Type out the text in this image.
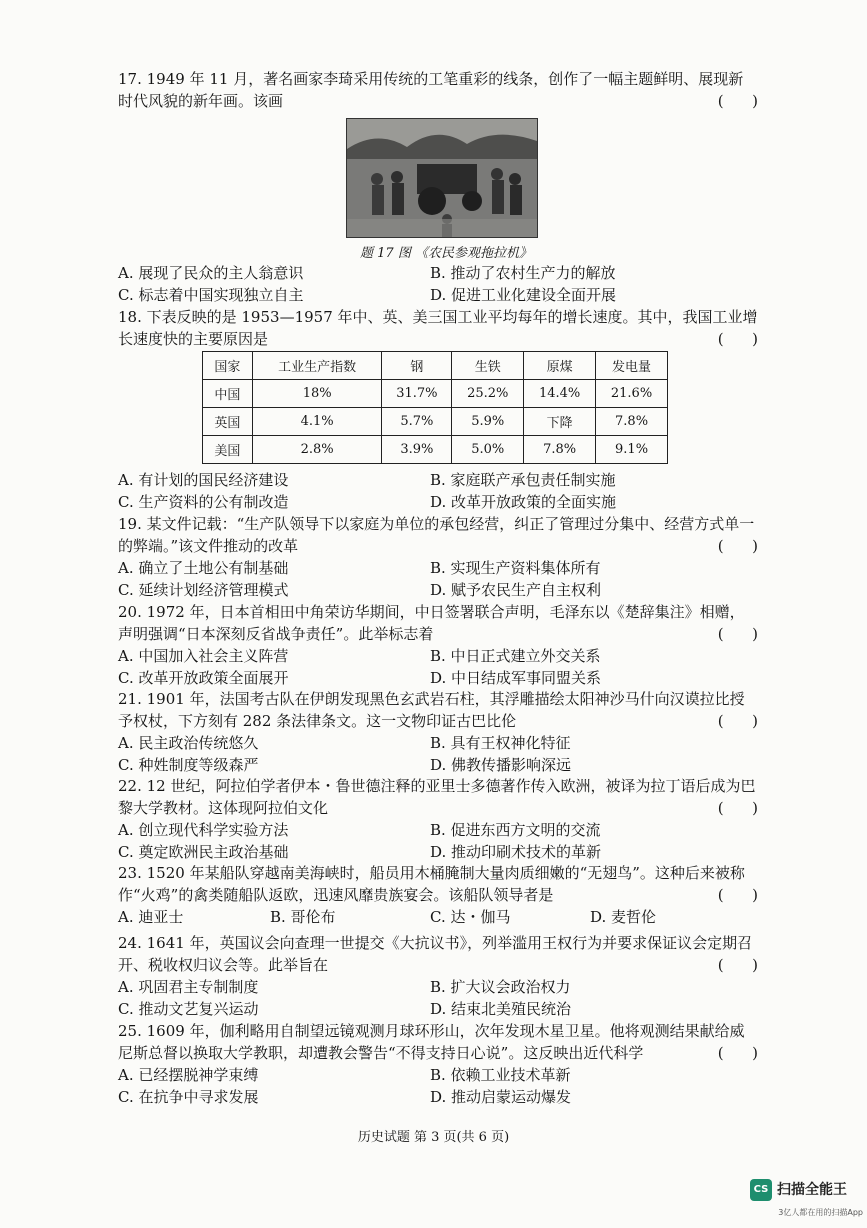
17. 1949 年 11 月，著名画家李琦采用传统的工笔重彩的线条，创作了一幅主题鲜明、展现新时代风貌的新年画。该画	(      )
题 17 图 《农民参观拖拉机》
A. 展现了民众的主人翁意识	B. 推动了农村生产力的解放
C. 标志着中国实现独立自主	D. 促进工业化建设全面开展
18. 下表反映的是 1953—1957 年中、英、美三国工业平均每年的增长速度。其中，我国工业增长速度快的主要原因是	(      )
国家	工业生产指数	钢	生铁	原煤	发电量
中国	18%	31.7%	25.2%	14.4%	21.6%
英国	4.1%	5.7%	5.9%	下降	7.8%
美国	2.8%	3.9%	5.0%	7.8%	9.1%
A. 有计划的国民经济建设	B. 家庭联产承包责任制实施
C. 生产资料的公有制改造	D. 改革开放政策的全面实施
19. 某文件记载：“生产队领导下以家庭为单位的承包经营，纠正了管理过分集中、经营方式单一的弊端。”该文件推动的改革	(      )
A. 确立了土地公有制基础	B. 实现生产资料集体所有
C. 延续计划经济管理模式	D. 赋予农民生产自主权利
20. 1972 年，日本首相田中角荣访华期间，中日签署联合声明，毛泽东以《楚辞集注》相赠，声明强调“日本深刻反省战争责任”。此举标志着	(      )
A. 中国加入社会主义阵营	B. 中日正式建立外交关系
C. 改革开放政策全面展开	D. 中日结成军事同盟关系
21. 1901 年，法国考古队在伊朗发现黑色玄武岩石柱，其浮雕描绘太阳神沙马什向汉谟拉比授予权杖，下方刻有 282 条法律条文。这一文物印证古巴比伦	(      )
A. 民主政治传统悠久	B. 具有王权神化特征
C. 种姓制度等级森严	D. 佛教传播影响深远
22. 12 世纪，阿拉伯学者伊本・鲁世德注释的亚里士多德著作传入欧洲，被译为拉丁语后成为巴黎大学教材。这体现阿拉伯文化	(      )
A. 创立现代科学实验方法	B. 促进东西方文明的交流
C. 奠定欧洲民主政治基础	D. 推动印刷术技术的革新
23. 1520 年某船队穿越南美海峡时，船员用木桶腌制大量肉质细嫩的“无翅鸟”。这种后来被称作“火鸡”的禽类随船队返欧，迅速风靡贵族宴会。该船队领导者是	(      )
A. 迪亚士	B. 哥伦布	C. 达・伽马	D. 麦哲伦
24. 1641 年，英国议会向查理一世提交《大抗议书》，列举滥用王权行为并要求保证议会定期召开、税收权归议会等。此举旨在	(      )
A. 巩固君主专制制度	B. 扩大议会政治权力
C. 推动文艺复兴运动	D. 结束北美殖民统治
25. 1609 年，伽利略用自制望远镜观测月球环形山，次年发现木星卫星。他将观测结果献给威尼斯总督以换取大学教职，却遭教会警告“不得支持日心说”。这反映出近代科学	(      )
A. 已经摆脱神学束缚	B. 依赖工业技术革新
C. 在抗争中寻求发展	D. 推动启蒙运动爆发
历史试题 第 3 页(共 6 页)
CS 扫描全能王
3亿人都在用的扫描App
